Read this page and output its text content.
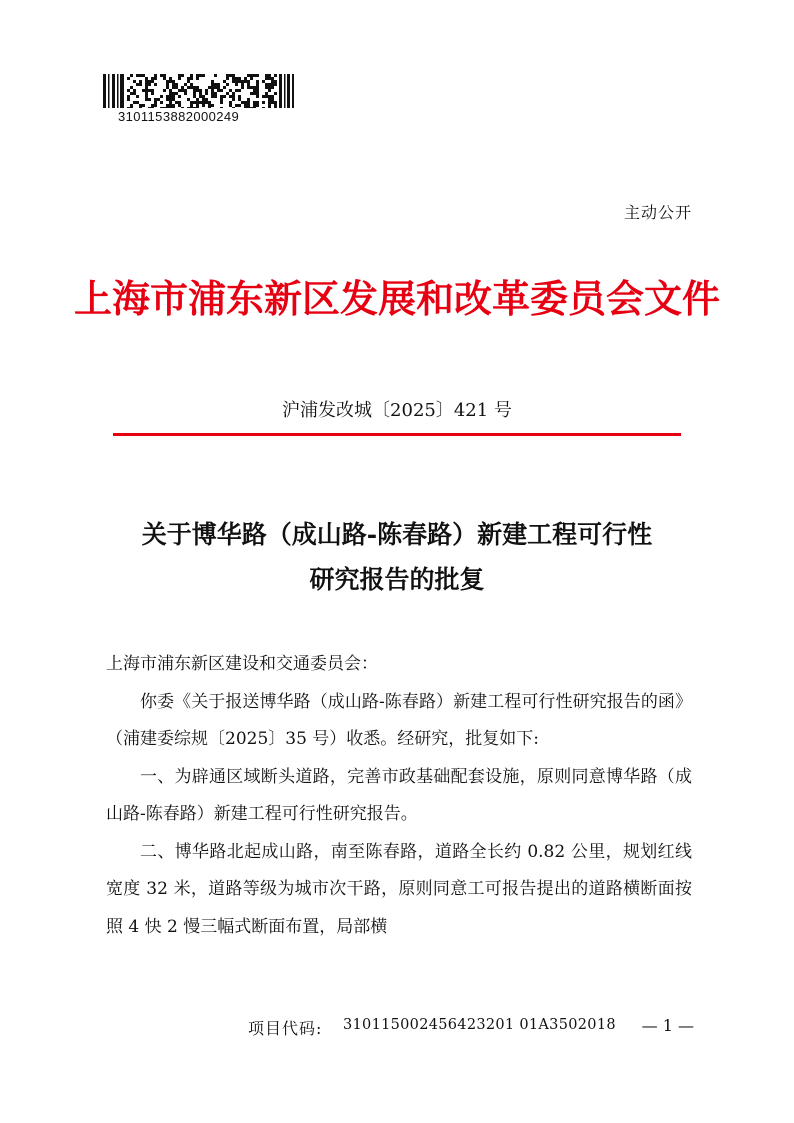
3101153882000249
主动公开
上海市浦东新区发展和改革委员会文件
沪浦发改城〔2025〕421 号
关于博华路（成山路-陈春路）新建工程可行性
研究报告的批复

上海市浦东新区建设和交通委员会：

你委《关于报送博华路（成山路-陈春路）新建工程可行性研究报告的函》（浦建委综规〔2025〕35 号）收悉。经研究，批复如下:

一、为辟通区域断头道路，完善市政基础配套设施，原则同意博华路（成山路-陈春路）新建工程可行性研究报告。

二、博华路北起成山路，南至陈春路，道路全长约 0.82 公里，规划红线宽度 32 米，道路等级为城市次干路，原则同意工可报告提出的道路横断面按照 4 快 2 慢三幅式断面布置，局部横

项目代码: 310115002456423201 01A3502018 — 1 —
